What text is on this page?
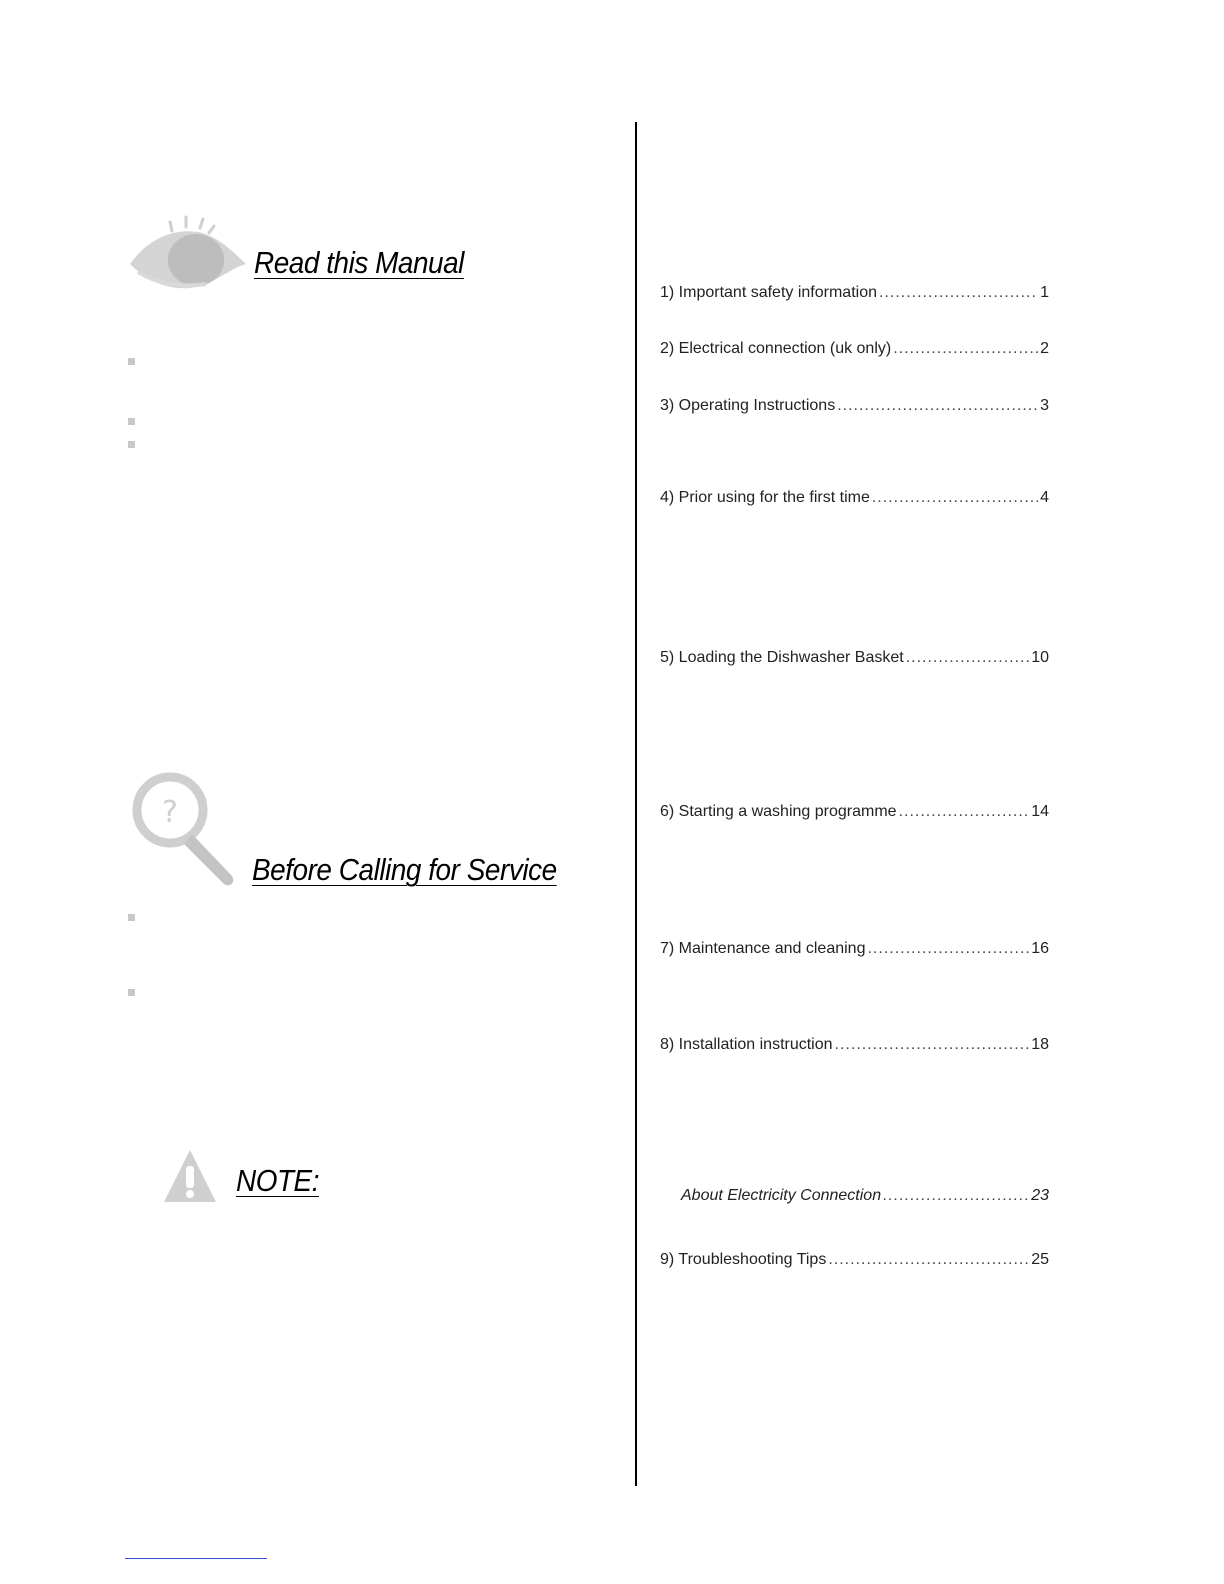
Read this Manual
?
Before Calling for Service
NOTE:
1) Important safety information .....	1
2) Electrical connection (uk only) .....	2
3) Operating Instructions .....	3
4) Prior using for the first time .....	4
5) Loading the Dishwasher Basket .....	10
6) Starting a washing programme .....	14
7) Maintenance and cleaning .....	16
8) Installation instruction .....	18
About Electricity Connection .....	23
9) Troubleshooting Tips .....	25
